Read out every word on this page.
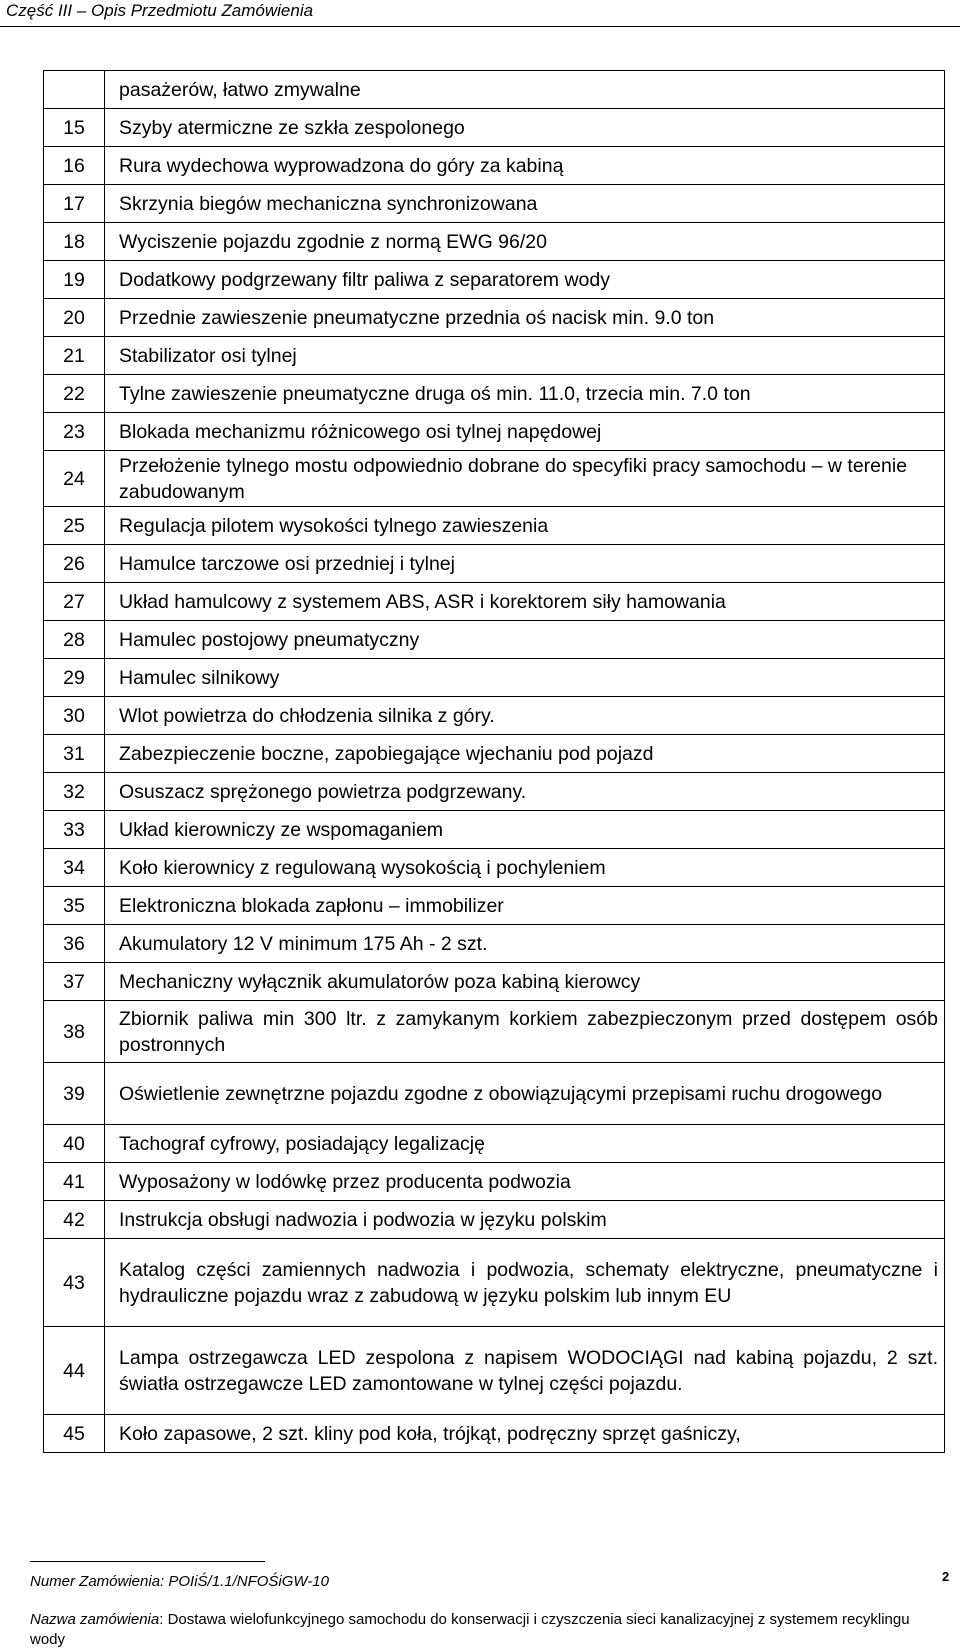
Część III – Opis Przedmiotu Zamówienia
	pasażerów, łatwo zmywalne
15	Szyby atermiczne ze szkła zespolonego
16	Rura wydechowa wyprowadzona do góry za kabiną
17	Skrzynia biegów mechaniczna synchronizowana
18	Wyciszenie pojazdu zgodnie z normą EWG 96/20
19	Dodatkowy podgrzewany filtr paliwa z separatorem wody
20	Przednie zawieszenie pneumatyczne przednia oś nacisk min. 9.0 ton
21	Stabilizator osi tylnej
22	Tylne zawieszenie pneumatyczne druga oś min. 11.0, trzecia min. 7.0 ton
23	Blokada mechanizmu różnicowego osi tylnej napędowej
24	Przełożenie tylnego mostu odpowiednio dobrane do specyfiki pracy samochodu – w terenie zabudowanym
25	Regulacja pilotem wysokości tylnego zawieszenia
26	Hamulce tarczowe osi przedniej i tylnej
27	Układ hamulcowy z systemem ABS, ASR i korektorem siły hamowania
28	Hamulec postojowy pneumatyczny
29	Hamulec silnikowy
30	Wlot powietrza do chłodzenia silnika z góry.
31	Zabezpieczenie boczne, zapobiegające wjechaniu pod pojazd
32	Osuszacz sprężonego powietrza podgrzewany.
33	Układ kierowniczy ze wspomaganiem
34	Koło kierownicy z regulowaną wysokością i pochyleniem
35	Elektroniczna blokada zapłonu – immobilizer
36	Akumulatory 12 V minimum 175 Ah - 2 szt.
37	Mechaniczny wyłącznik akumulatorów poza kabiną kierowcy
38	Zbiornik paliwa min 300 ltr. z zamykanym korkiem zabezpieczonym przed dostępem osób postronnych
39	Oświetlenie zewnętrzne pojazdu zgodne z obowiązującymi przepisami ruchu drogowego
40	Tachograf cyfrowy, posiadający legalizację
41	Wyposażony w lodówkę przez producenta podwozia
42	Instrukcja obsługi nadwozia i podwozia w języku polskim
43	Katalog części zamiennych nadwozia i podwozia, schematy elektryczne, pneumatyczne i hydrauliczne pojazdu wraz z zabudową w języku polskim lub innym EU
44	Lampa ostrzegawcza LED zespolona z napisem WODOCIĄGI nad kabiną pojazdu, 2 szt. światła ostrzegawcze LED zamontowane w tylnej części pojazdu.
45	Koło zapasowe, 2 szt. kliny pod koła, trójkąt, podręczny sprzęt gaśniczy,
Numer Zamówienia: POIiŚ/1.1/NFOŚiGW-10	2
Nazwa zamówienia: Dostawa wielofunkcyjnego samochodu do konserwacji i czyszczenia sieci kanalizacyjnej z systemem recyklingu wody
